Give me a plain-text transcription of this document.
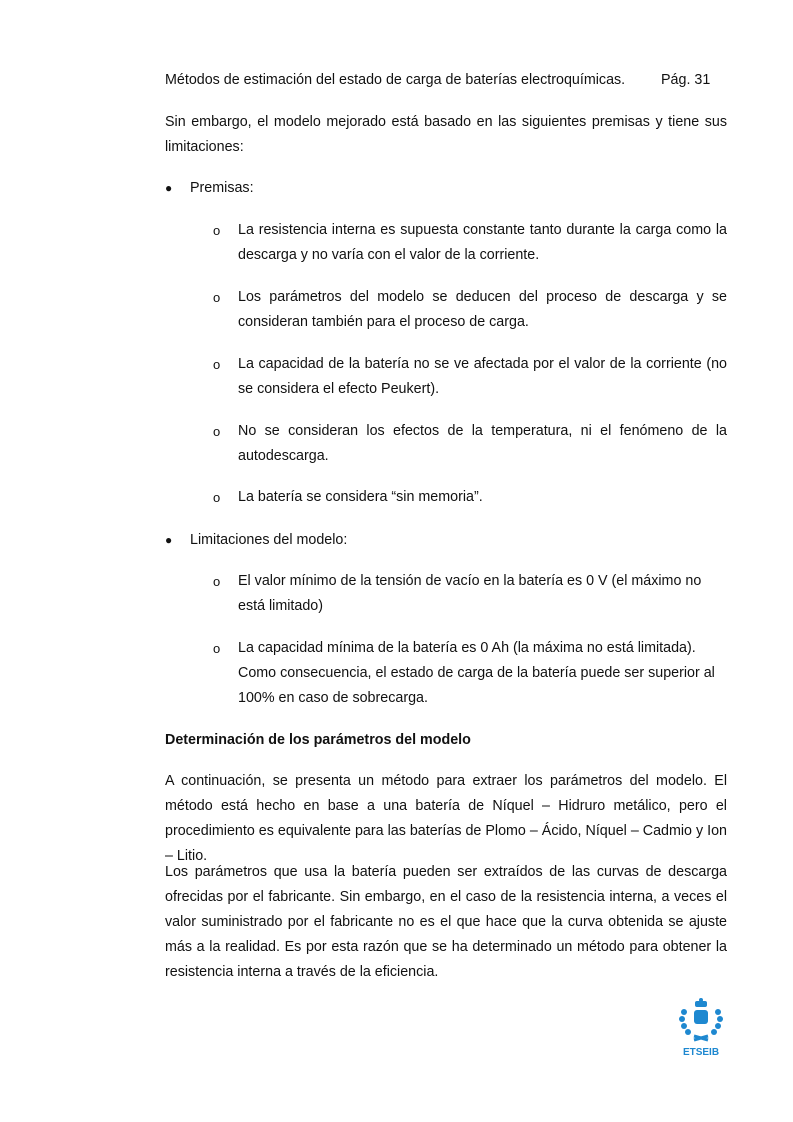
Métodos de estimación del estado de carga de baterías electroquímicas.	Pág. 31
Sin embargo, el modelo mejorado está basado en las siguientes premisas y tiene sus limitaciones:
● Premisas:
o La resistencia interna es supuesta constante tanto durante la carga como la descarga y no varía con el valor de la corriente.
o Los parámetros del modelo se deducen del proceso de descarga y se consideran también para el proceso de carga.
o La capacidad de la batería no se ve afectada por el valor de la corriente (no se considera el efecto Peukert).
o No se consideran los efectos de la temperatura, ni el fenómeno de la autodescarga.
o La batería se considera “sin memoria”.
● Limitaciones del modelo:
o El valor mínimo de la tensión de vacío en la batería es 0 V (el máximo no está limitado)
o La capacidad mínima de la batería es 0 Ah (la máxima no está limitada). Como consecuencia, el estado de carga de la batería puede ser superior al 100% en caso de sobrecarga.
Determinación de los parámetros del modelo
A continuación, se presenta un método para extraer los parámetros del modelo. El método está hecho en base a una batería de Níquel – Hidruro metálico, pero el procedimiento es equivalente para las baterías de Plomo – Ácido, Níquel – Cadmio y Ion – Litio.
Los parámetros que usa la batería pueden ser extraídos de las curvas de descarga ofrecidas por el fabricante. Sin embargo, en el caso de la resistencia interna, a veces el valor suministrado por el fabricante no es el que hace que la curva obtenida se ajuste más a la realidad. Es por esta razón que se ha determinado un método para obtener la resistencia interna a través de la eficiencia.
ETSEIB
